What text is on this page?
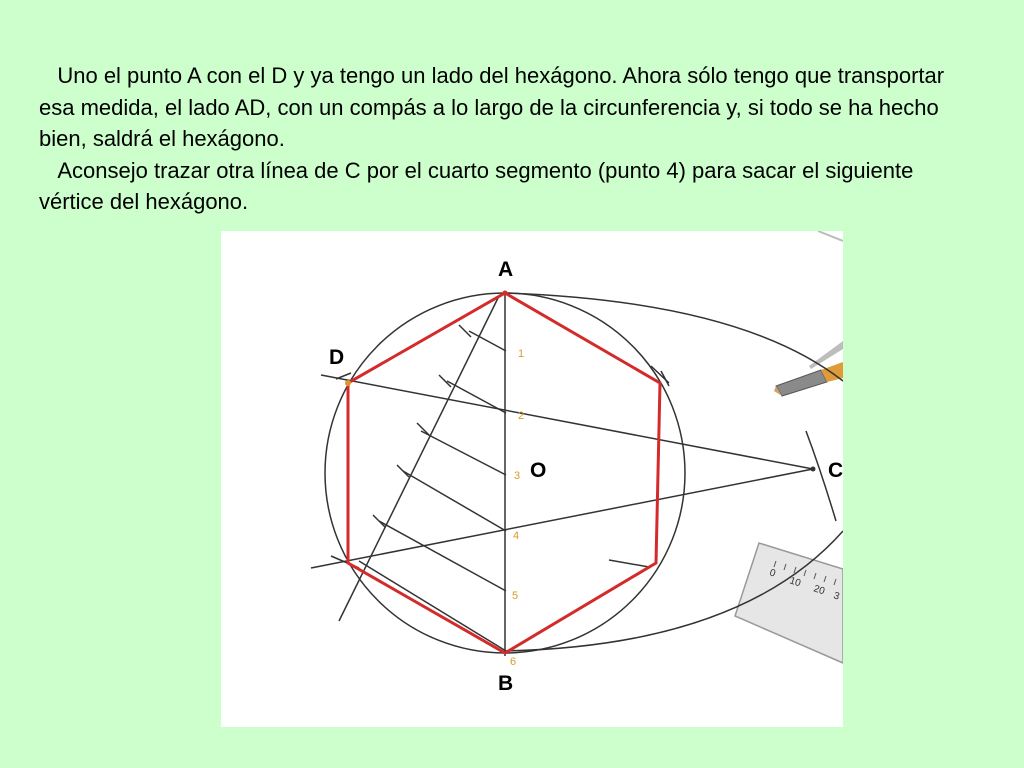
Uno el punto A con el D y ya tengo un lado del hexágono. Ahora sólo tengo que transportar esa medida, el lado AD, con un compás a lo largo de la circunferencia y, si todo se ha hecho bien, saldrá el hexágono.

Aconsejo trazar otra línea de C por el cuarto segmento (punto 4) para sacar el siguiente vértice del hexágono.

0
10
20 3
1
2
3
4
5
6
A
D
O	C
B
